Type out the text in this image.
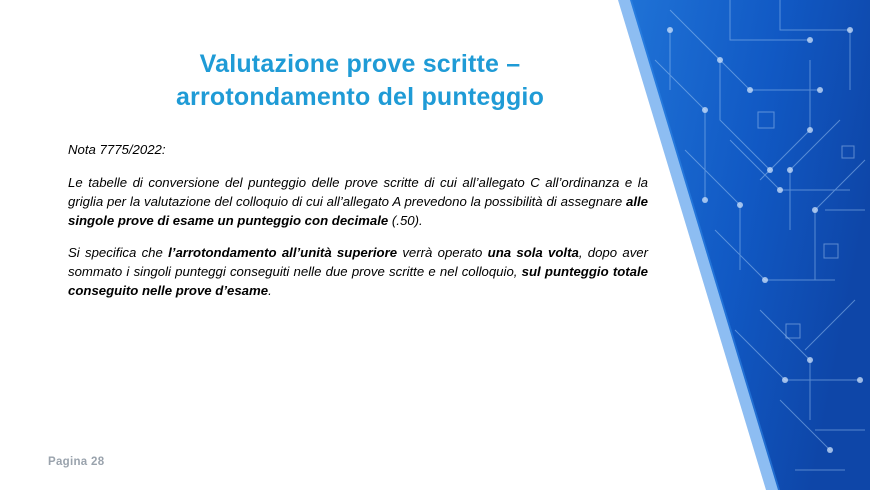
Valutazione prove scritte –
arrotondamento del punteggio

Nota 7775/2022:

Le tabelle di conversione del punteggio delle prove scritte di cui all’allegato C all’ordinanza e la griglia per la valutazione del colloquio di cui all’allegato A prevedono la possibilità di assegnare alle singole prove di esame un punteggio con decimale (.50).

Si specifica che l’arrotondamento all’unità superiore verrà operato una sola volta, dopo aver sommato i singoli punteggi conseguiti nelle due prove scritte e nel colloquio, sul punteggio totale conseguito nelle prove d’esame.

Pagina 28
